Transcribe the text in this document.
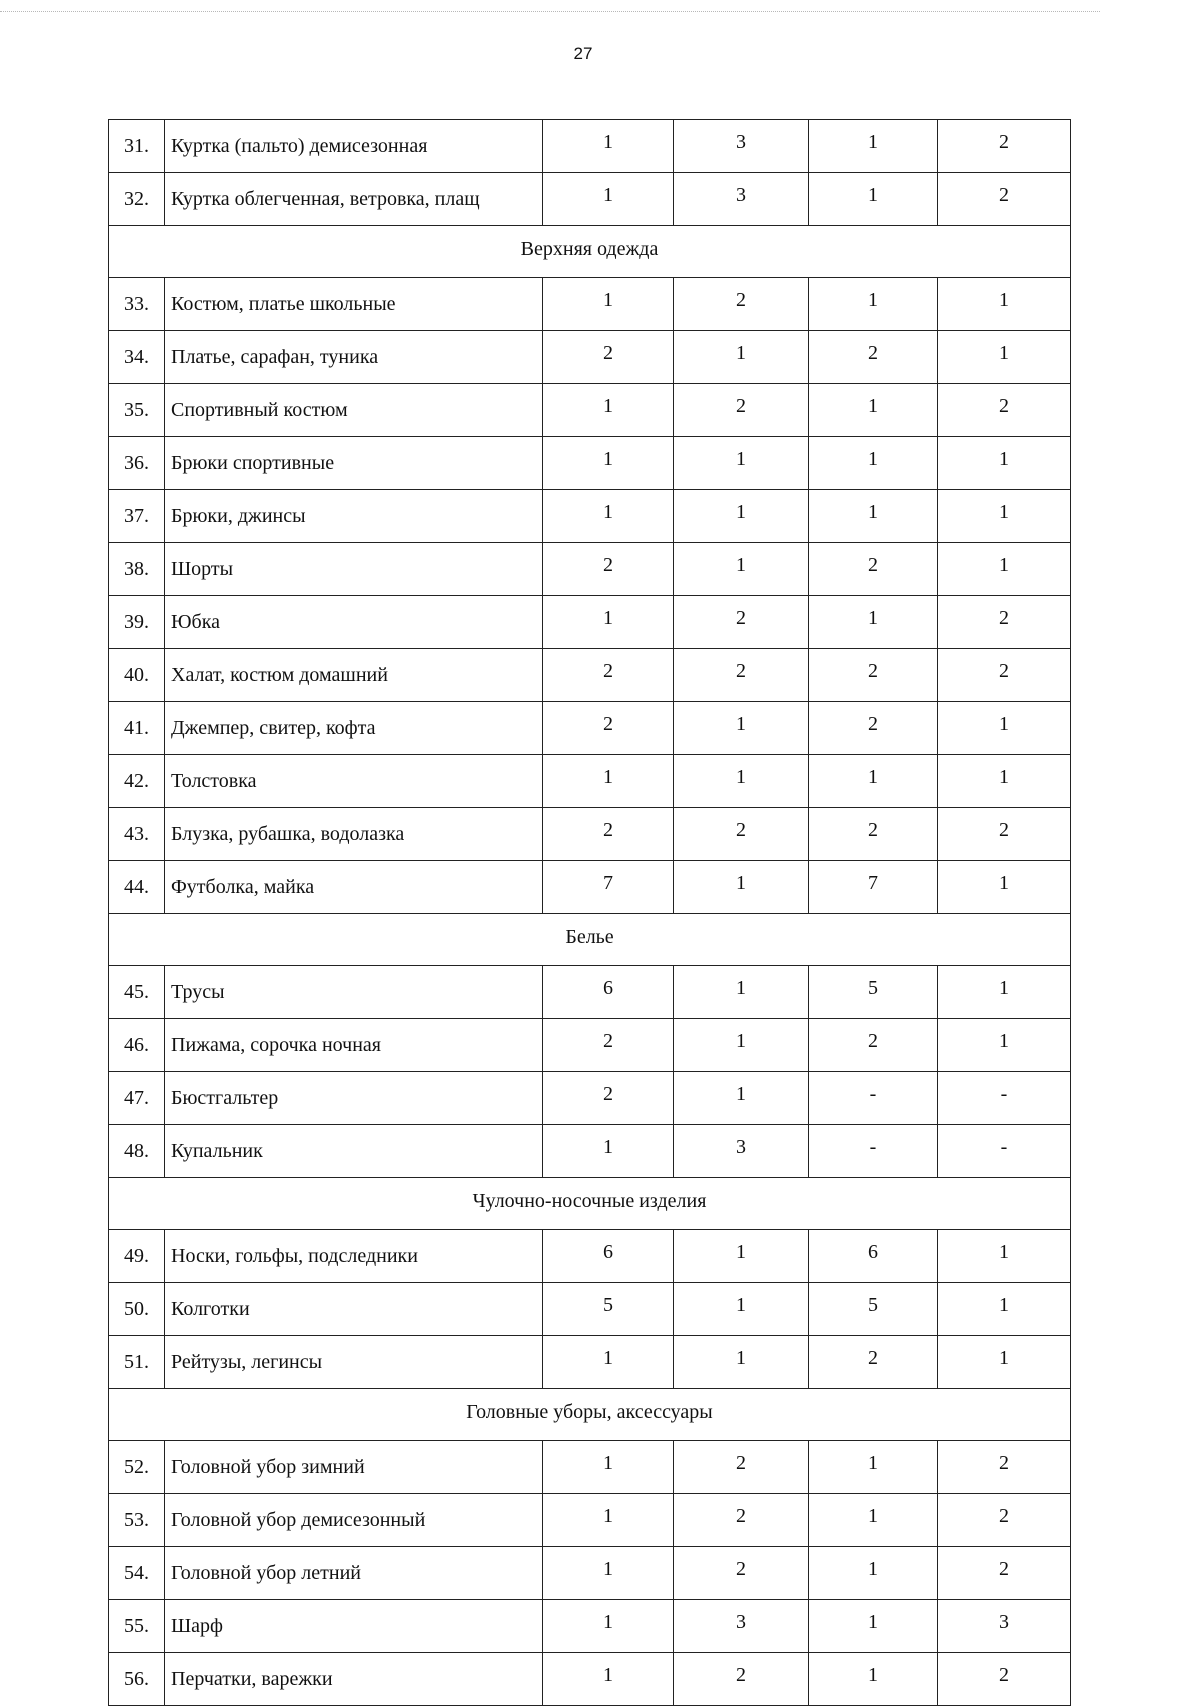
27
31.	Куртка (пальто) демисезонная	1	3	1	2
32.	Куртка облегченная, ветровка, плащ	1	3	1	2
Верхняя одежда					
33.	Костюм, платье школьные	1	2	1	1
34.	Платье, сарафан, туника	2	1	2	1
35.	Спортивный костюм	1	2	1	2
36.	Брюки спортивные	1	1	1	1
37.	Брюки, джинсы	1	1	1	1
38.	Шорты	2	1	2	1
39.	Юбка	1	2	1	2
40.	Халат, костюм домашний	2	2	2	2
41.	Джемпер, свитер, кофта	2	1	2	1
42.	Толстовка	1	1	1	1
43.	Блузка, рубашка, водолазка	2	2	2	2
44.	Футболка, майка	7	1	7	1
Белье					
45.	Трусы	6	1	5	1
46.	Пижама, сорочка ночная	2	1	2	1
47.	Бюстгальтер	2	1	-	-
48.	Купальник	1	3	-	-
Чулочно-носочные изделия					
49.	Носки, гольфы, подследники	6	1	6	1
50.	Колготки	5	1	5	1
51.	Рейтузы, легинсы	1	1	2	1
Головные уборы, аксессуары					
52.	Головной убор зимний	1	2	1	2
53.	Головной убор демисезонный	1	2	1	2
54.	Головной убор летний	1	2	1	2
55.	Шарф	1	3	1	3
56.	Перчатки, варежки	1	2	1	2
